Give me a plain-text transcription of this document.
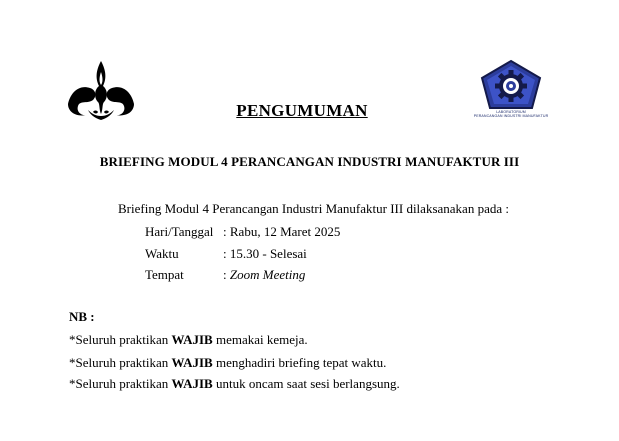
LABORATORIUM
PERANCANGAN INDUSTRI MANUFAKTUR
PENGUMUMAN
BRIEFING MODUL 4 PERANCANGAN INDUSTRI MANUFAKTUR III
Briefing Modul 4 Perancangan Industri Manufaktur III dilaksanakan pada :
Hari/Tanggal : Rabu, 12 Maret 2025
Waktu	: 15.30 - Selesai
Tempat	: Zoom Meeting
NB :
*Seluruh praktikan WAJIB memakai kemeja.
*Seluruh praktikan WAJIB menghadiri briefing tepat waktu.
*Seluruh praktikan WAJIB untuk oncam saat sesi berlangsung.
